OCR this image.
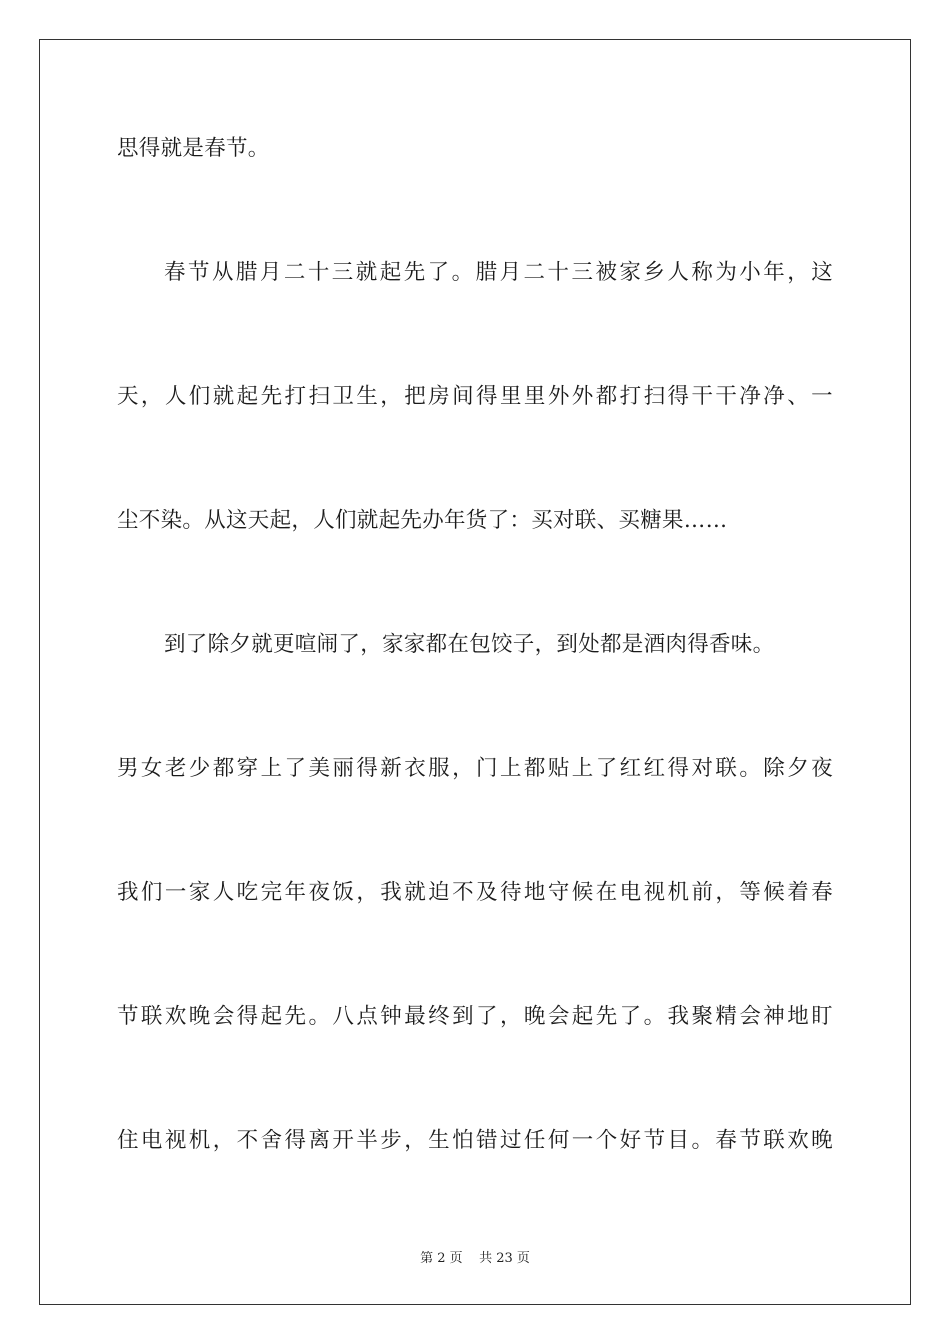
思得就是春节。
春节从腊月二十三就起先了。腊月二十三被家乡人称为小年，这
天，人们就起先打扫卫生，把房间得里里外外都打扫得干干净净、一
尘不染。从这天起，人们就起先办年货了：买对联、买糖果……
到了除夕就更喧闹了，家家都在包饺子，到处都是酒肉得香味。
男女老少都穿上了美丽得新衣服，门上都贴上了红红得对联。除夕夜
我们一家人吃完年夜饭，我就迫不及待地守候在电视机前，等候着春
节联欢晚会得起先。八点钟最终到了，晚会起先了。我聚精会神地盯
住电视机，不舍得离开半步，生怕错过任何一个好节目。春节联欢晚
第 2 页    共 23 页
